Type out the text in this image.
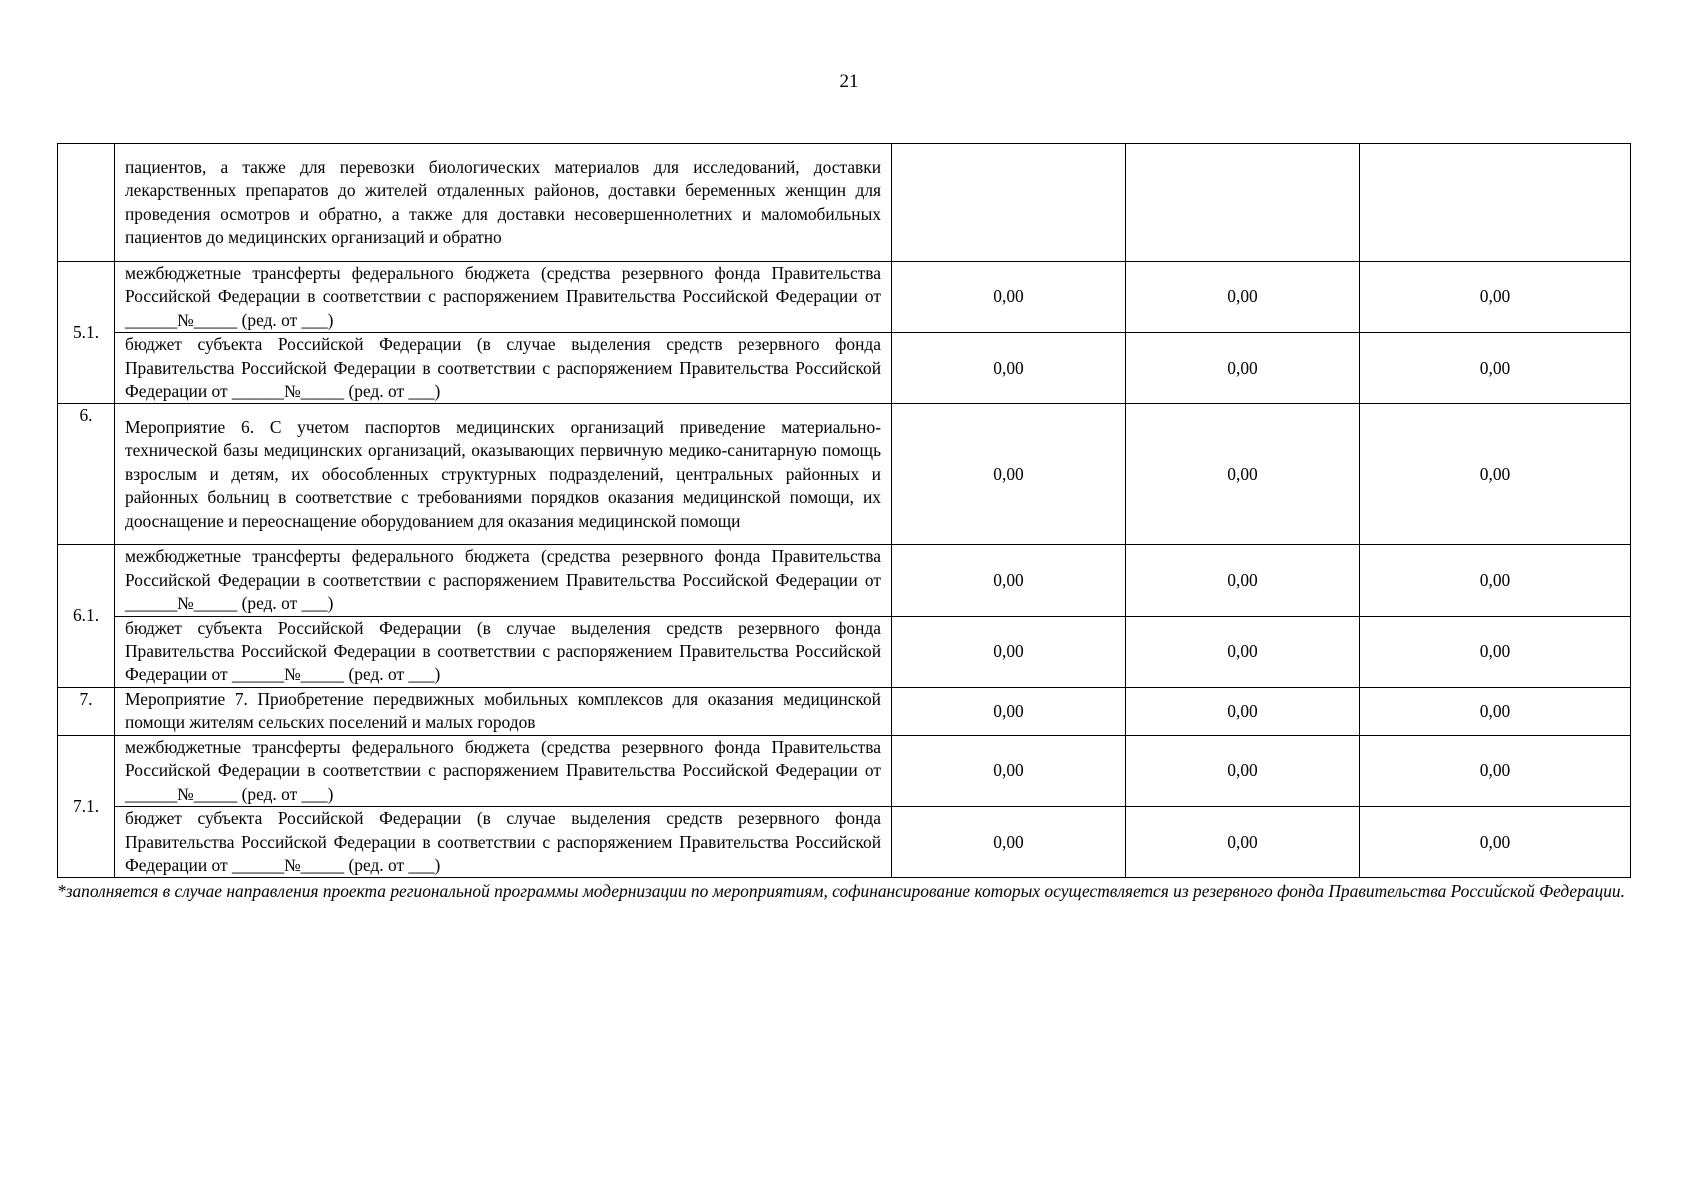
21
	пациентов, а также для перевозки биологических материалов для исследований, доставки лекарственных препаратов до жителей отдаленных районов, доставки беременных женщин для проведения осмотров и обратно, а также для доставки несовершеннолетних и маломобильных пациентов до медицинских организаций и обратно			
5.1.	межбюджетные трансферты федерального бюджета (средства резервного фонда Правительства Российской Федерации в соответствии с распоряжением Правительства Российской Федерации от ______№_____ (ред. от ___)	0,00	0,00	0,00
	бюджет субъекта Российской Федерации (в случае выделения средств резервного фонда Правительства Российской Федерации в соответствии с распоряжением Правительства Российской Федерации от ______№_____ (ред. от ___)	0,00	0,00	0,00
6.	Мероприятие 6. С учетом паспортов медицинских организаций приведение материально-технической базы медицинских организаций, оказывающих первичную медико-санитарную помощь взрослым и детям, их обособленных структурных подразделений, центральных районных и районных больниц в соответствие с требованиями порядков оказания медицинской помощи, их дооснащение и переоснащение оборудованием для оказания медицинской помощи	0,00	0,00	0,00
6.1.	межбюджетные трансферты федерального бюджета (средства резервного фонда Правительства Российской Федерации в соответствии с распоряжением Правительства Российской Федерации от ______№_____ (ред. от ___)	0,00	0,00	0,00
	бюджет субъекта Российской Федерации (в случае выделения средств резервного фонда Правительства Российской Федерации в соответствии с распоряжением Правительства Российской Федерации от ______№_____ (ред. от ___)	0,00	0,00	0,00
7.	Мероприятие 7. Приобретение передвижных мобильных комплексов для оказания медицинской помощи жителям сельских поселений и малых городов	0,00	0,00	0,00
7.1.	межбюджетные трансферты федерального бюджета (средства резервного фонда Правительства Российской Федерации в соответствии с распоряжением Правительства Российской Федерации от ______№_____ (ред. от ___)	0,00	0,00	0,00
	бюджет субъекта Российской Федерации (в случае выделения средств резервного фонда Правительства Российской Федерации в соответствии с распоряжением Правительства Российской Федерации от ______№_____ (ред. от ___)	0,00	0,00	0,00
*заполняется в случае направления проекта региональной программы модернизации по мероприятиям, софинансирование которых осуществляется из резервного фонда Правительства Российской Федерации.
